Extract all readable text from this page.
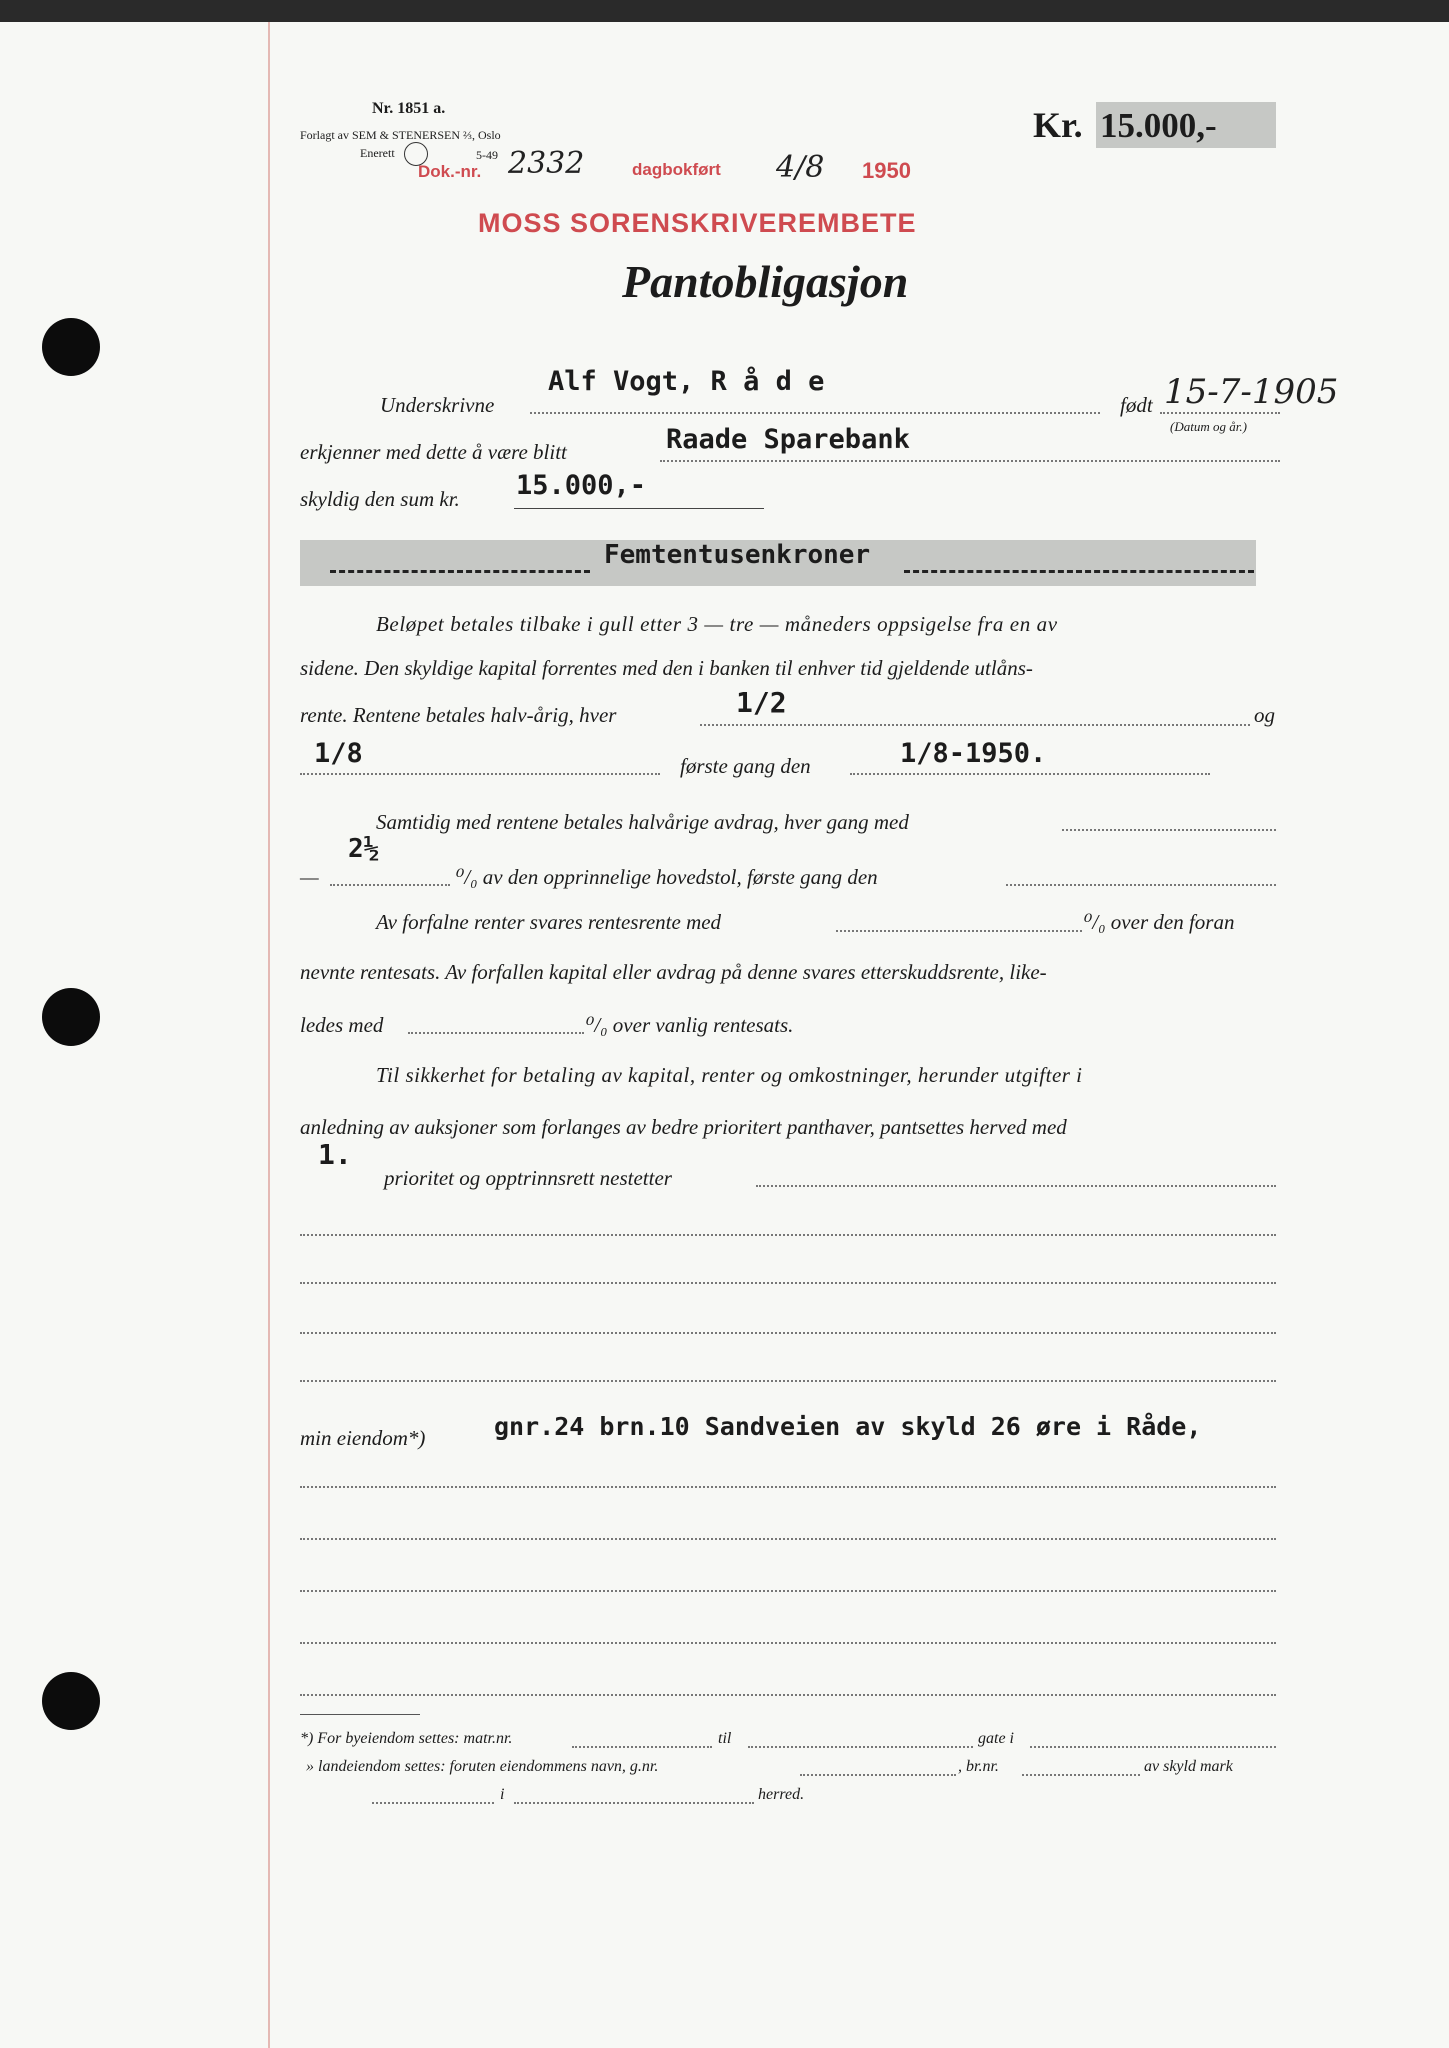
Nr. 1851 a.
Forlagt av SEM & STENERSEN ⅔, Oslo
Enerett	5-49
Dok.-nr. 2332	dagbokført 4/8 1950
MOSS SORENSKRIVEREMBETE
Kr. 15.000,-
Pantobligasjon
Underskrivne
Alf Vogt, R å d e
født 15-7-1905
(Datum og år.)
erkjenner med dette å være blitt	Raade Sparebank
skyldig den sum kr. 15.000,-
Femtentusenkroner
Beløpet betales tilbake i gull etter 3 — tre — måneders oppsigelse fra en av
sidene. Den skyldige kapital forrentes med den i banken til enhver tid gjeldende utlåns-
rente. Rentene betales halv-årig, hver	1/2	og
1/8	første gang den	1/8-1950.
Samtidig med rentene betales halvårige avdrag, hver gang med
—
2½
⁰/₀ av den opprinnelige hovedstol, første gang den
Av forfalne renter svares rentesrente med	⁰/₀ over den foran
nevnte rentesats. Av forfallen kapital eller avdrag på denne svares etterskuddsrente, like-
ledes med	⁰/₀ over vanlig rentesats.
Til sikkerhet for betaling av kapital, renter og omkostninger, herunder utgifter i
anledning av auksjoner som forlanges av bedre prioritert panthaver, pantsettes herved med
1.
prioritet og opptrinnsrett nestetter
min eiendom*)	gnr.24 brn.10 Sandveien av skyld 26 øre i Råde,
*) For byeiendom settes: matr.nr.	til	gate i
» landeiendom settes: foruten eiendommens navn, g.nr.	, br.nr.	av skyld mark
i	herred.
